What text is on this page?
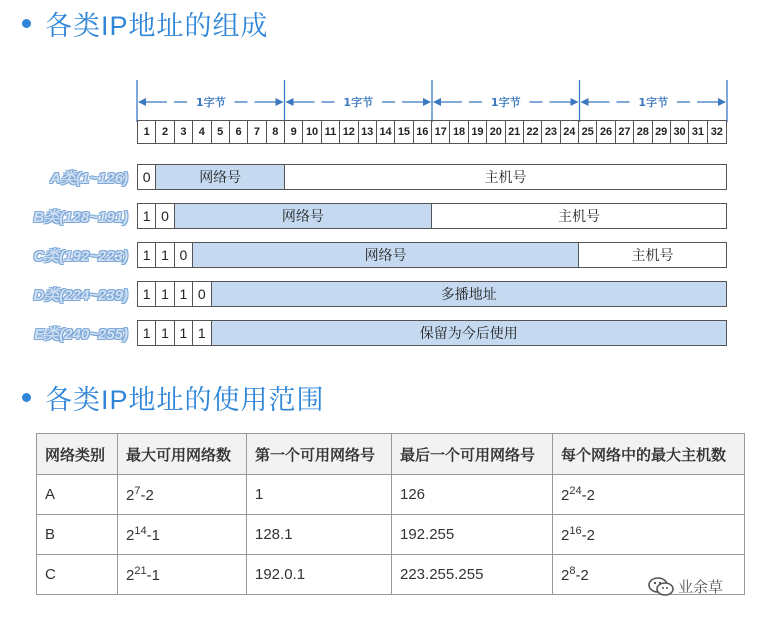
各类IP地址的组成
1字节	1字节	1字节	1字节
1	2	3	4	5	6	7	8	9 10 11 12 13 14 15 16 17 18 19 20 21 22 23 24 25 26 27 28 29 30 31 32
A类(1~126)	0	网络号	主机号
B类(128~191)	1 0	网络号	主机号
C类(192~223)	1 1 0	网络号	主机号
D类(224~239)	1 1 1 0	多播地址
E类(240~255)	1 1 1 1	保留为今后使用
各类IP地址的使用范围
网络类别	最大可用网络数	第一个可用网络号	最后一个可用网络号	每个网络中的最大主机数
A	$2^7-2$	1	126	$2^{24}-2$
B	$2^{14}-1$	128.1	192.255	$2^{16}-2$
C	$2^{21}-1$	192.0.1	223.255.255	$2^8-2$
业余草
